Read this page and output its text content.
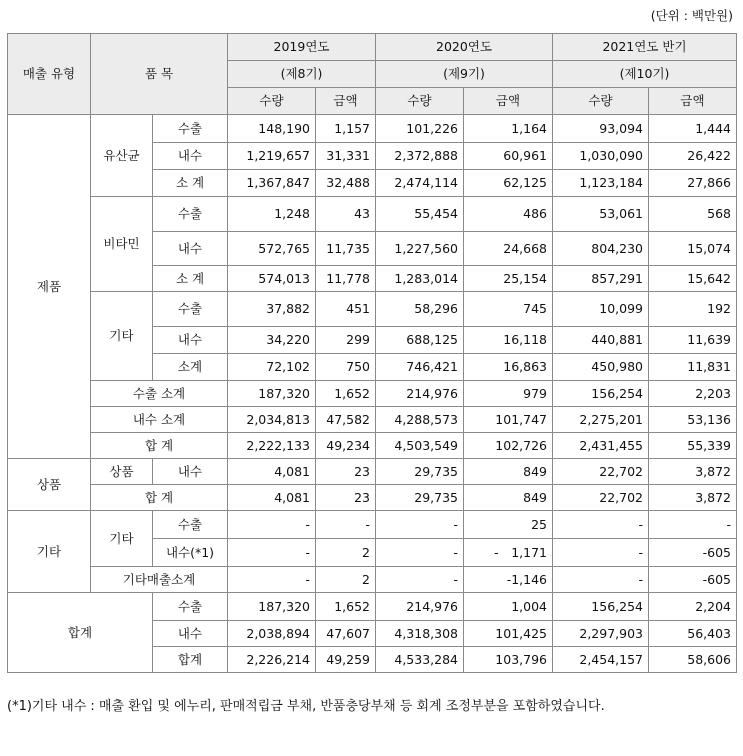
(단위 : 백만원)
매출 유형	품 목		2019연도		2020연도		2021연도 반기	
			(제8기)		(제9기)		(제10기)	
			수량	금액	수량	금액	수량	금액
제품	유산균	수출	148,190	1,157	101,226	1,164	93,094	1,444
		내수	1,219,657	31,331	2,372,888	60,961	1,030,090	26,422
		소 계	1,367,847	32,488	2,474,114	62,125	1,123,184	27,866
	비타민	수출	1,248	43	55,454	486	53,061	568
		내수	572,765	11,735	1,227,560	24,668	804,230	15,074
		소 계	574,013	11,778	1,283,014	25,154	857,291	15,642
	기타	수출	37,882	451	58,296	745	10,099	192
		내수	34,220	299	688,125	16,118	440,881	11,639
		소계	72,102	750	746,421	16,863	450,980	11,831
	수출 소계		187,320	1,652	214,976	979	156,254	2,203
	내수 소계		2,034,813	47,582	4,288,573	101,747	2,275,201	53,136
	합 계		2,222,133	49,234	4,503,549	102,726	2,431,455	55,339
상품	상품	내수	4,081	23	29,735	849	22,702	3,872
	합 계		4,081	23	29,735	849	22,702	3,872
기타	기타	수출	-	-	-	25	-	-
		내수(*1)	-	2	-	- 1,171	-	-605
	기타매출소계		-	2	-	-1,146	-	-605
합계		수출	187,320	1,652	214,976	1,004	156,254	2,204
		내수	2,038,894	47,607	4,318,308	101,425	2,297,903	56,403
		합계	2,226,214	49,259	4,533,284	103,796	2,454,157	58,606
(*1)기타 내수 : 매출 환입 및 에누리, 판매적립금 부채, 반품충당부채 등 회계 조정부분을 포함하였습니다.
